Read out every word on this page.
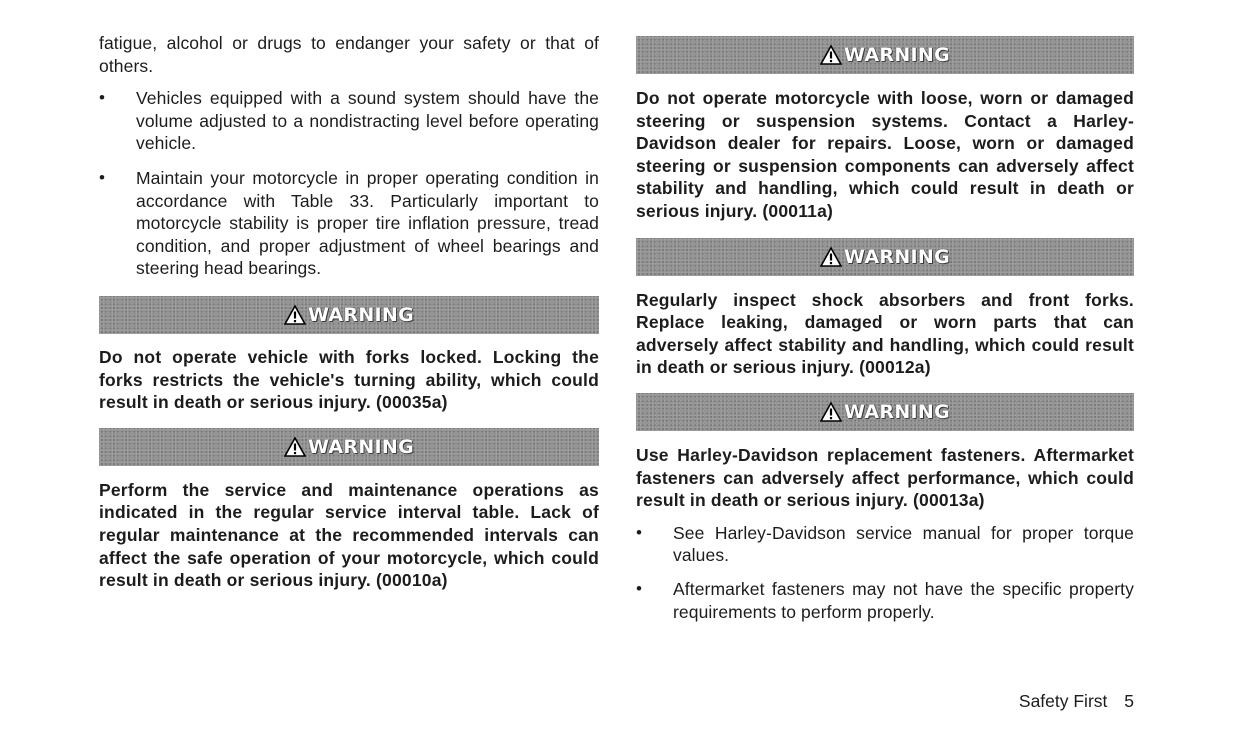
fatigue, alcohol or drugs to endanger your safety or that of others.

• Vehicles equipped with a sound system should have the volume adjusted to a nondistracting level before operating vehicle.
• Maintain your motorcycle in proper operating condition in accordance with Table 33. Particularly important to motorcycle stability is proper tire inflation pressure, tread condition, and proper adjustment of wheel bearings and steering head bearings.
WARNING

Do not operate vehicle with forks locked. Locking the forks restricts the vehicle's turning ability, which could result in death or serious injury. (00035a)

WARNING

Perform the service and maintenance operations as indicated in the regular service interval table. Lack of regular maintenance at the recommended intervals can affect the safe operation of your motorcycle, which could result in death or serious injury. (00010a)

WARNING

Do not operate motorcycle with loose, worn or damaged steering or suspension systems. Contact a Harley-Davidson dealer for repairs. Loose, worn or damaged steering or suspension components can adversely affect stability and handling, which could result in death or serious injury. (00011a)

WARNING

Regularly inspect shock absorbers and front forks. Replace leaking, damaged or worn parts that can adversely affect stability and handling, which could result in death or serious injury. (00012a)

WARNING

Use Harley-Davidson replacement fasteners. Aftermarket fasteners can adversely affect performance, which could result in death or serious injury. (00013a)

• See Harley-Davidson service manual for proper torque values.
• Aftermarket fasteners may not have the specific property requirements to perform properly.
Safety First 5
